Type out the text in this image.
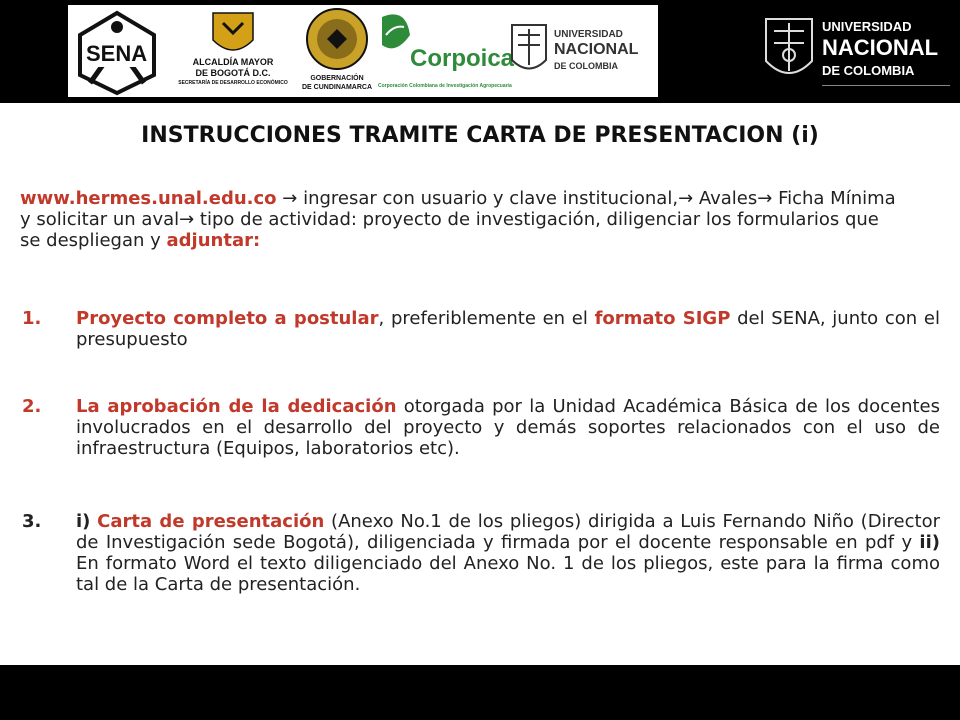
SENA	ALCALDÍA MAYOR
DE BOGOTÁ D.C.
SECRETARÍA DE DESARROLLO ECONÓMICO
GOBERNACIÓN
DE CUNDINAMARCA
Corpoica
Corporación Colombiana de Investigación Agropecuaria
UNIVERSIDAD
NACIONAL
DE COLOMBIA
UNIVERSIDAD
NACIONAL
DE COLOMBIA
INSTRUCCIONES TRAMITE CARTA DE PRESENTACION (i)
www.hermes.unal.edu.co → ingresar con usuario y clave institucional,→ Avales→ Ficha Mínima y solicitar un aval→ tipo de actividad: proyecto de investigación, diligenciar los formularios que se despliegan y adjuntar:
1. Proyecto completo a postular, preferiblemente en el formato SIGP del SENA, junto con el presupuesto
2. La aprobación de la dedicación otorgada por la Unidad Académica Básica de los docentes involucrados en el desarrollo del proyecto y demás soportes relacionados con el uso de infraestructura (Equipos, laboratorios etc).
3. i) Carta de presentación (Anexo No.1 de los pliegos) dirigida a Luis Fernando Niño (Director de Investigación sede Bogotá), diligenciada y firmada por el docente responsable en pdf y ii) En formato Word el texto diligenciado del Anexo No. 1 de los pliegos, este para la firma como tal de la Carta de presentación.
